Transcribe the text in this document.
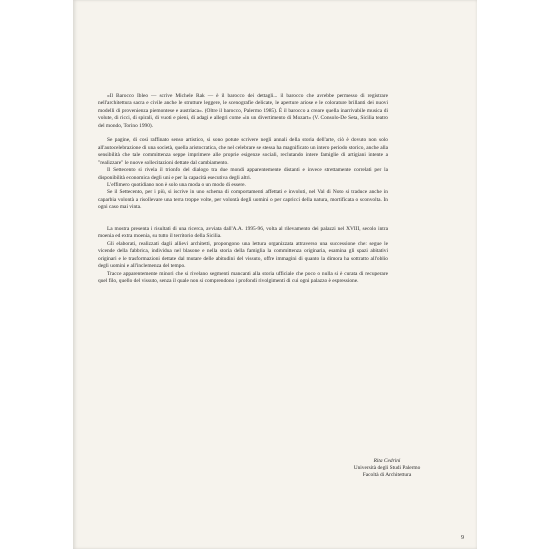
«Il Barocco Ibleo — scrive Michele Rak — è il barocco dei dettagli... il barocco che avrebbe permesso di registrare nell'architettura sacra e civile anche le strutture leggere, le scenografie delicate, le aperture ariose e le colorature brillanti dei nuovi modelli di provenienza piemontese e austriaca». (Oltre il barocco, Palermo 1985). È il barocco a creare quella inarrivabile musica di volute, di ricci, di spirali, di vuoti e pieni, di adagi e allegri come «in un divertimento di Mozart» (V. Consolo-De Seta, Sicilia teatro del mondo, Torino 1990).

Se pagine, di così raffinato senso artistico, si sono potute scrivere negli annali della storia dell'arte, ciò è dovuto non solo all'autocelebrazione di una società, quella aristocratica, che nel celebrare se stessa ha magnificato un intero periodo storico, anche alla sensibilità che tale committenza seppe imprimere alle proprie esigenze sociali, reclutando intere famiglie di artigiani intente a "realizzare" le nuove sollecitazioni dettate dal cambiamento.

Il Settecento si rivela il trionfo del dialogo tra due mondi apparentemente distanti e invece strettamente correlati per la disponibilità economica degli uni e per la capacità esecutiva degli altri.

L'effimero quotidiano non è solo una moda o un modo di essere.

Se il Settecento, per i più, si iscrive in uno schema di comportamenti affettati e involuti, nel Val di Noto si traduce anche in caparbia volontà a risollevare una terra troppe volte, per volontà degli uomini o per capricci della natura, mortificata o sconvolta. In ogni caso mai vinta.

La mostra presenta i risultati di una ricerca, avviata dall'A.A. 1995-96, volta al rilevamento dei palazzi nel XVIII, secolo intra moenia ed extra moenia, su tutto il territorio della Sicilia.

Gli elaborati, realizzati dagli allievi architetti, propongono una lettura organizzata attraverso una successione che: segue le vicende della fabbrica, individua nel blasone e nella storia della famiglia la committenza originaria, esamina gli spazi abitativi originari e le trasformazioni dettate dal mutare delle abitudini del vissuto, offre immagini di quanto la dimora ha sottratto all'oblio degli uomini e all'inclemenza del tempo.

Tracce apparentemente minori che si rivelano segmenti mancanti alla storia ufficiale che poco o nulla si è curata di recuperare quel filo, quello del vissuto, senza il quale non si comprendono i profondi rivolgimenti di cui ogni palazzo è espressione.

Rita Cedrini
Università degli Studi Palermo
Facoltà di Architettura
9
